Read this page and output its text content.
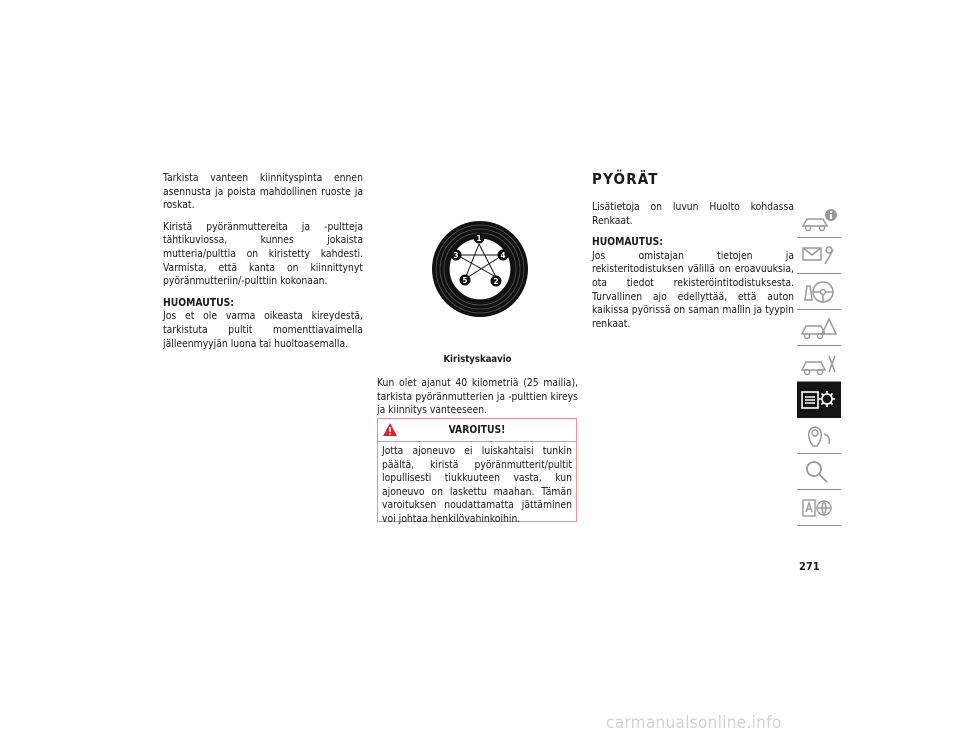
Tarkista vanteen kiinnityspinta ennen asennusta ja poista mahdollinen ruoste ja roskat.

Kiristä pyöränmuttereita ja -pultteja tähtikuviossa, kunnes jokaista mutteria/pulttia on kiristetty kahdesti. Varmista, että kanta on kiinnittynyt pyöränmutteriin/-pulttiin kokonaan.

HUOMAUTUS:
Jos et ole varma oikeasta kireydestä, tarkistuta pultit momenttiavaimella jälleenmyyjän luona tai huoltoasemalla.

1
2
3	4
5
Kiristyskaavio

Kun olet ajanut 40 kilometriä (25 mailia), tarkista pyöränmutterien ja -pulttien kireys ja kiinnitys vanteeseen.

VAROITUS!
Jotta ajoneuvo ei luiskahtaisi tunkin päältä, kiristä pyöränmutterit/pultit lopullisesti tiukkuuteen vasta, kun ajoneuvo on laskettu maahan. Tämän varoituksen noudattamatta jättäminen voi johtaa henkilövahinkoihin.
PYÖRÄT

Lisätietoja on luvun Huolto kohdassa Renkaat.

HUOMAUTUS:
Jos omistajan tietojen ja rekisteritodistuksen välillä on eroavuuksia, ota tiedot rekisteröintitodistuksesta. Turvallinen ajo edellyttää, että auton kaikissa pyörissä on saman mallin ja tyypin renkaat.

271
carmanualsonline.info
